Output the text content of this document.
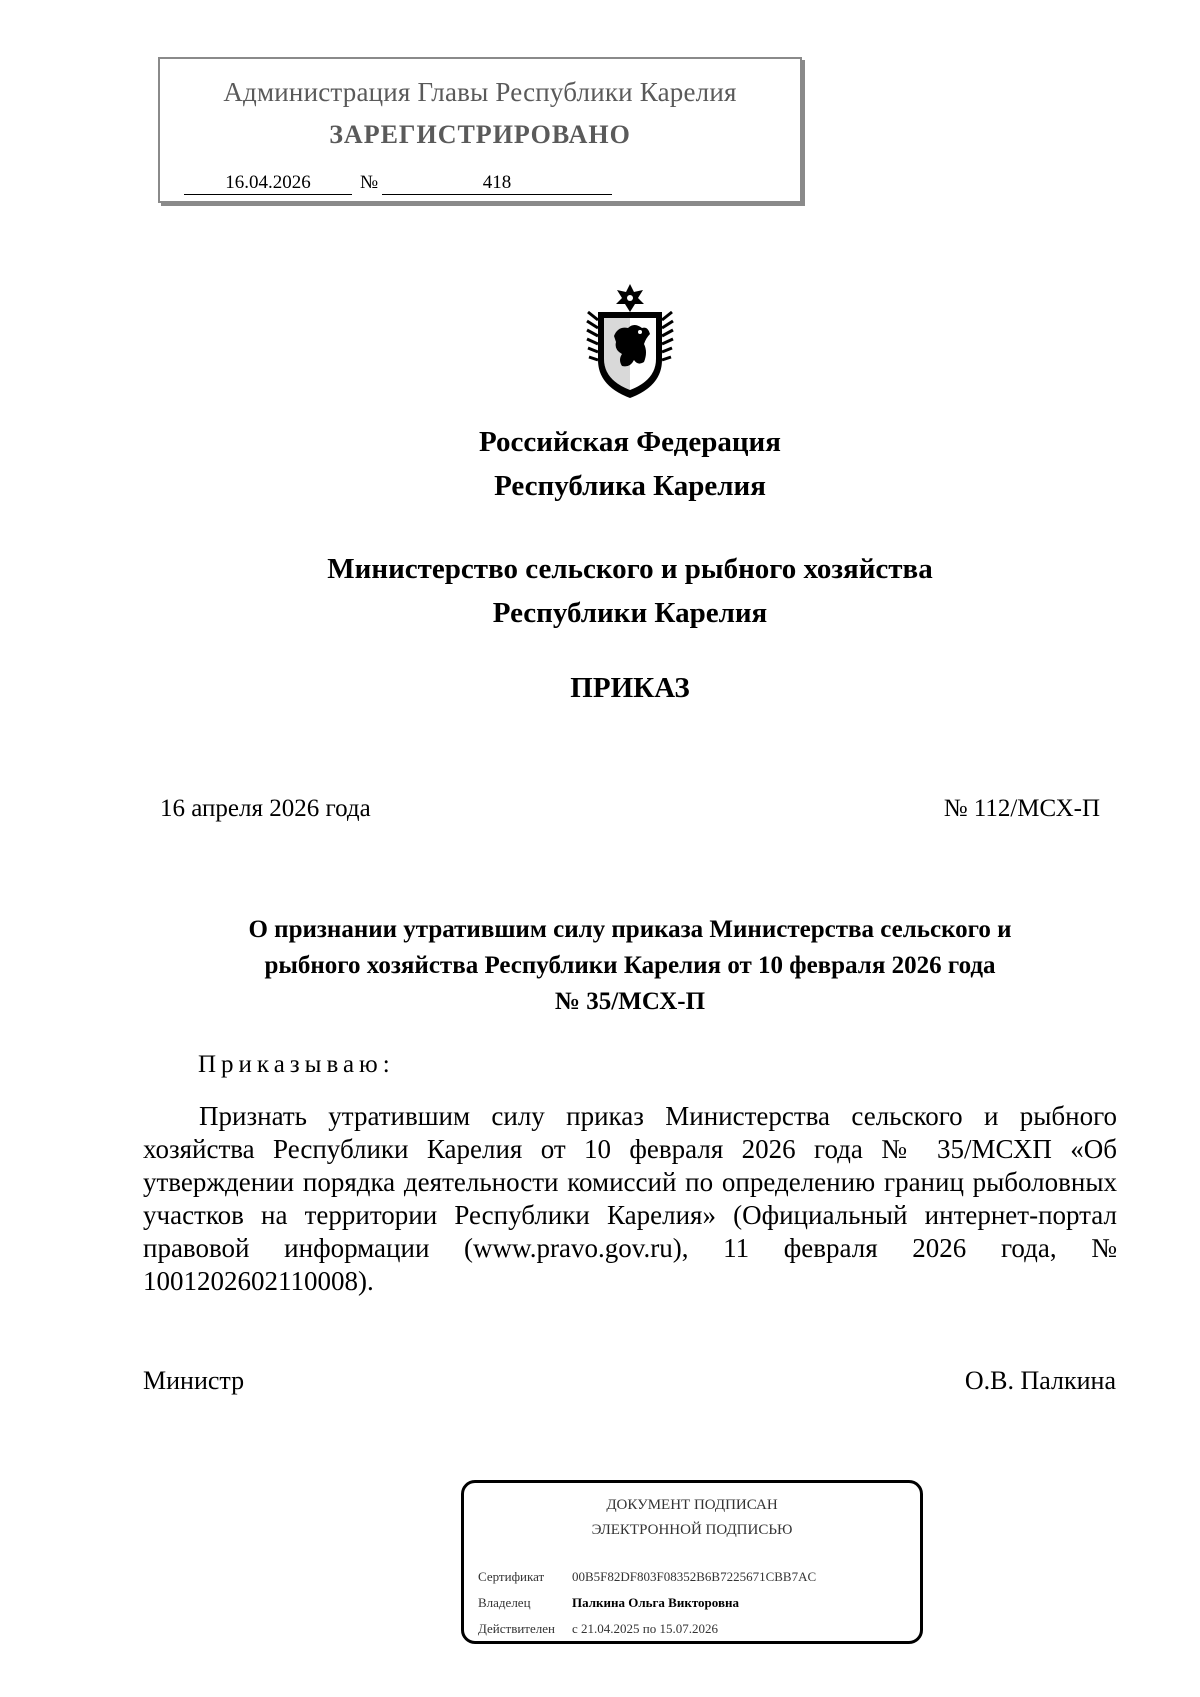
Администрация Главы Республики Карелия
ЗАРЕГИСТРИРОВАНО
16.04.2026	№	418
Российская Федерация
Республика Карелия
Министерство сельского и рыбного хозяйства
Республики Карелия
ПРИКАЗ
16 апреля 2026 года	№ 112/МСХ-П
О признании утратившим силу приказа Министерства сельского и
рыбного хозяйства Республики Карелия от 10 февраля 2026 года
№ 35/МСХ-П
Приказываю:
Признать утратившим силу приказ Министерства сельского и рыбного хозяйства Республики Карелия от 10 февраля 2026 года № 35/МСХП «Об утверждении порядка деятельности комиссий по определению границ рыболовных участков на территории Республики Карелия» (Официальный интернет-портал правовой информации (www.pravo.gov.ru), 11 февраля 2026 года, № 1001202602110008).
Министр	О.В. Палкина
ДОКУМЕНТ ПОДПИСАН
ЭЛЕКТРОННОЙ ПОДПИСЬЮ
Сертификат 00B5F82DF803F08352B6B7225671CBB7AC
Владелец	Палкина Ольга Викторовна
Действителен с 21.04.2025 по 15.07.2026
